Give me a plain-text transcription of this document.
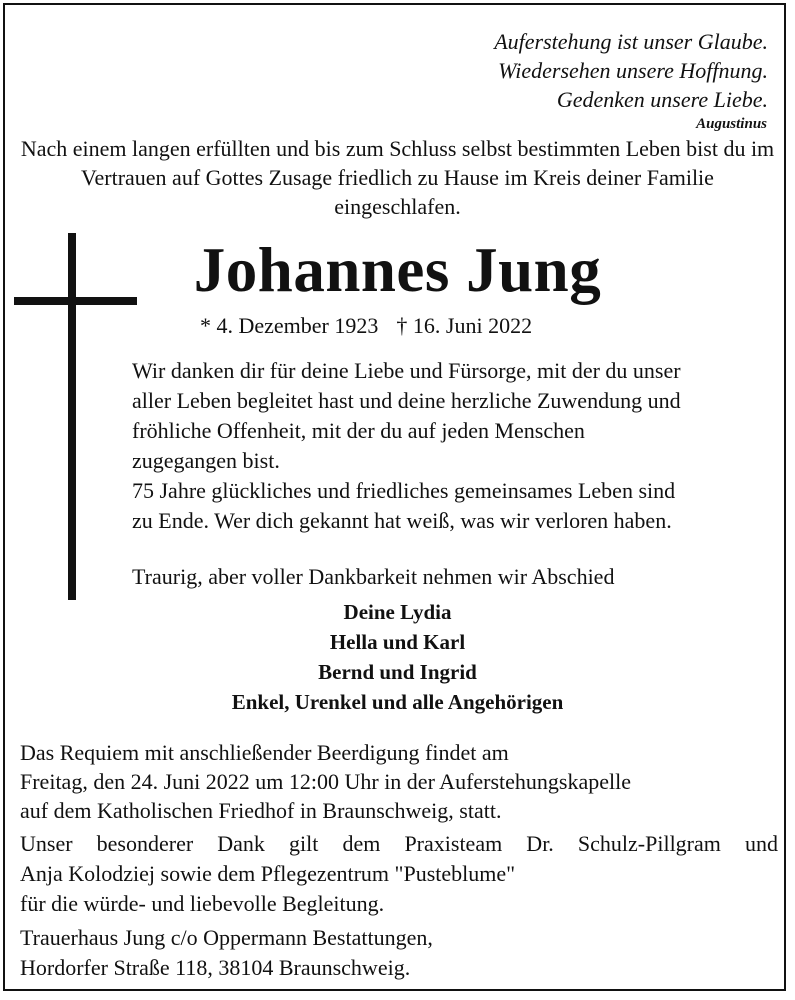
Auferstehung ist unser Glaube.
Wiedersehen unsere Hoffnung.
Gedenken unsere Liebe.
Augustinus
Nach einem langen erfüllten und bis zum Schluss selbst bestimmten Leben bist du im Vertrauen auf Gottes Zusage friedlich zu Hause im Kreis deiner Familie eingeschlafen.
Johannes Jung
* 4. Dezember 1923 † 16. Juni 2022
Wir danken dir für deine Liebe und Fürsorge, mit der du unser
aller Leben begleitet hast und deine herzliche Zuwendung und
fröhliche Offenheit, mit der du auf jeden Menschen
zugegangen bist.
75 Jahre glückliches und friedliches gemeinsames Leben sind
zu Ende. Wer dich gekannt hat weiß, was wir verloren haben.
Traurig, aber voller Dankbarkeit nehmen wir Abschied
Deine Lydia
Hella und Karl
Bernd und Ingrid
Enkel, Urenkel und alle Angehörigen
Das Requiem mit anschließender Beerdigung findet am
Freitag, den 24. Juni 2022 um 12:00 Uhr in der Auferstehungskapelle
auf dem Katholischen Friedhof in Braunschweig, statt.
Unser besonderer Dank gilt dem Praxisteam Dr. Schulz-Pillgram und
Anja Kolodziej sowie dem Pflegezentrum "Pusteblume"
für die würde- und liebevolle Begleitung.
Trauerhaus Jung c/o Oppermann Bestattungen,
Hordorfer Straße 118, 38104 Braunschweig.
